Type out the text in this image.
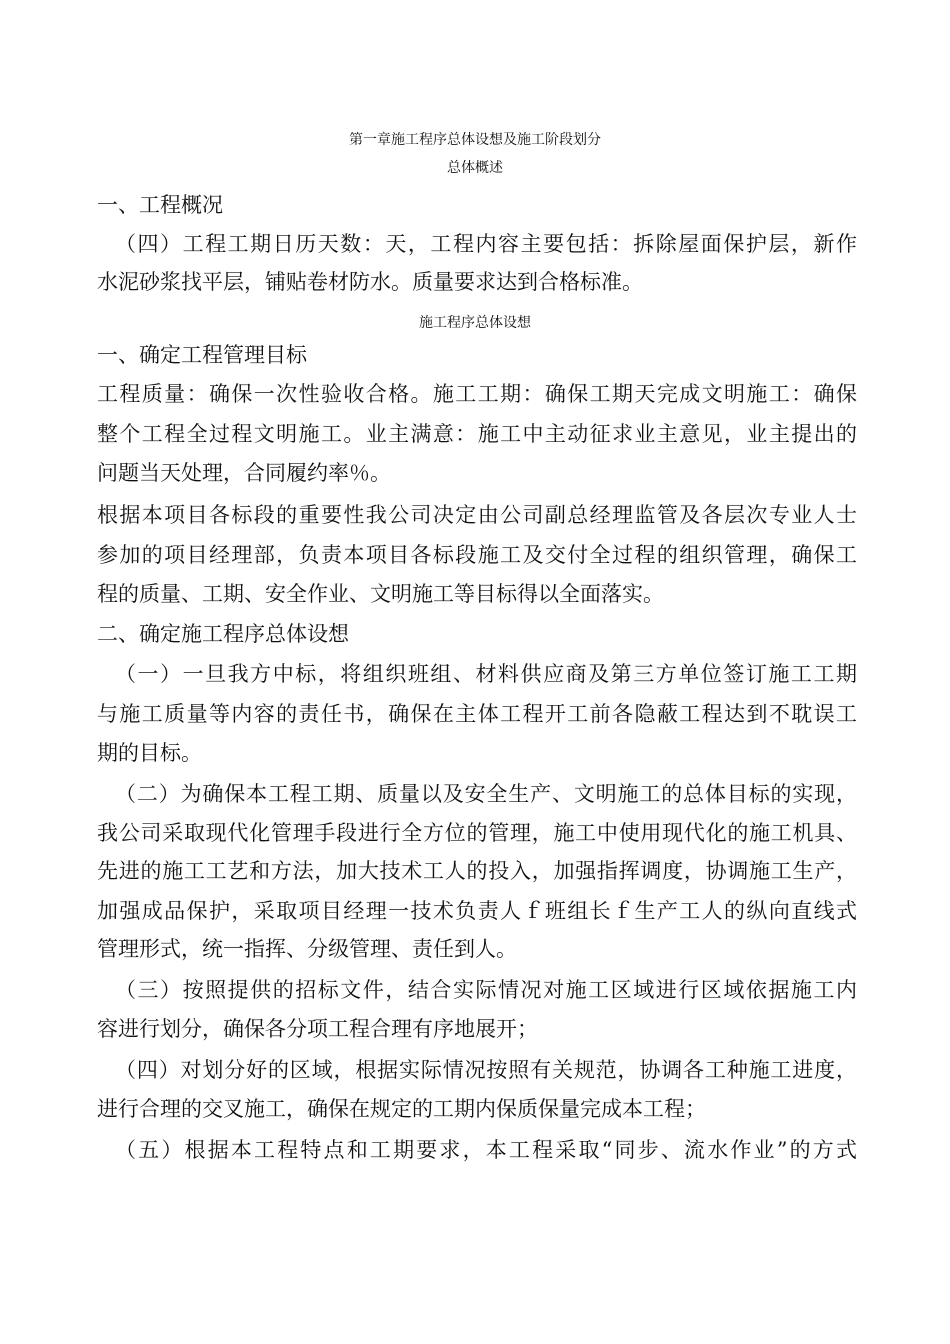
第一章施工程序总体设想及施工阶段划分
总体概述
一、工程概况
（四）工程工期日历天数：天，工程内容主要包括：拆除屋面保护层，新作
水泥砂浆找平层，铺贴卷材防水。质量要求达到合格标准。
施工程序总体设想
一、确定工程管理目标
工程质量：确保一次性验收合格。施工工期：确保工期天完成文明施工：确保
整个工程全过程文明施工。业主满意：施工中主动征求业主意见，业主提出的
问题当天处理，合同履约率％。
根据本项目各标段的重要性我公司决定由公司副总经理监管及各层次专业人士
参加的项目经理部，负责本项目各标段施工及交付全过程的组织管理，确保工
程的质量、工期、安全作业、文明施工等目标得以全面落实。
二、确定施工程序总体设想
（一）一旦我方中标，将组织班组、材料供应商及第三方单位签订施工工期
与施工质量等内容的责任书，确保在主体工程开工前各隐蔽工程达到不耽误工
期的目标。
（二）为确保本工程工期、质量以及安全生产、文明施工的总体目标的实现，
我公司采取现代化管理手段进行全方位的管理，施工中使用现代化的施工机具、
先进的施工工艺和方法，加大技术工人的投入，加强指挥调度，协调施工生产，
加强成品保护，采取项目经理一技术负责人ｆ班组长ｆ生产工人的纵向直线式
管理形式，统一指挥、分级管理、责任到人。
（三）按照提供的招标文件，结合实际情况对施工区域进行区域依据施工内
容进行划分，确保各分项工程合理有序地展开；
（四）对划分好的区域，根据实际情况按照有关规范，协调各工种施工进度，
进行合理的交叉施工，确保在规定的工期内保质保量完成本工程；
（五）根据本工程特点和工期要求，本工程采取“同步、流水作业”的方式
